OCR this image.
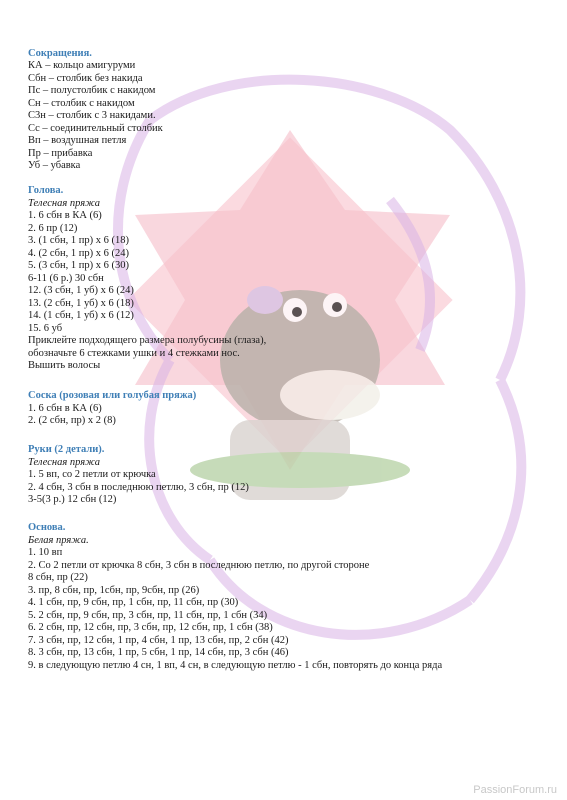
Сокращения.
КА – кольцо амигуруми
Сбн – столбик без накида
Пс – полустолбик с накидом
Сн – столбик с накидом
С3н – столбик с 3 накидами.
Сс – соединительный столбик
Вп – воздушная петля
Пр – прибавка
Уб – убавка
Голова.
Телесная пряжа
1. 6 сбн в КА (6)
2. 6 пр (12)
3. (1 сбн, 1 пр) х 6 (18)
4. (2 сбн, 1 пр) х 6 (24)
5. (3 сбн, 1 пр) х 6 (30)
6-11 (6 р.) 30 сбн
12. (3 сбн, 1 уб) х 6 (24)
13. (2 сбн, 1 уб) х 6 (18)
14. (1 сбн, 1 уб) х 6 (12)
15. 6 уб
Приклейте подходящего размера полубусины (глаза),
обозначьте 6 стежками ушки и 4 стежками нос.
Вышить волосы
Соска (розовая или голубая пряжа)
1. 6 сбн в КА (6)
2. (2 сбн, пр) х 2 (8)
Руки (2 детали).
Телесная пряжа
1. 5 вп, со 2 петли от крючка
2. 4 сбн, 3 сбн в последнюю петлю, 3 сбн, пр (12)
3-5(3 р.) 12 сбн (12)
Основа.
Белая пряжа.
1. 10 вп
2. Со 2 петли от крючка 8 сбн, 3 сбн в последнюю петлю, по другой стороне
8 сбн, пр (22)
3. пр, 8 сбн, пр, 1сбн, пр, 9сбн, пр (26)
4. 1 сбн, пр, 9 сбн, пр, 1 сбн, пр, 11 сбн, пр (30)
5. 2 сбн, пр, 9 сбн, пр, 3 сбн, пр, 11 сбн, пр, 1 сбн (34)
6. 2 сбн, пр, 12 сбн, пр, 3 сбн, пр, 12 сбн, пр, 1 сбн (38)
7. 3 сбн, пр, 12 сбн, 1 пр, 4 сбн, 1 пр, 13 сбн, пр, 2 сбн (42)
8. 3 сбн, пр, 13 сбн, 1 пр, 5 сбн, 1 пр, 14 сбн, пр, 3 сбн (46)
9. в следующую петлю 4 сн, 1 вп, 4 сн, в следующую петлю - 1 сбн, повторять до конца ряда
PassionForum.ru
